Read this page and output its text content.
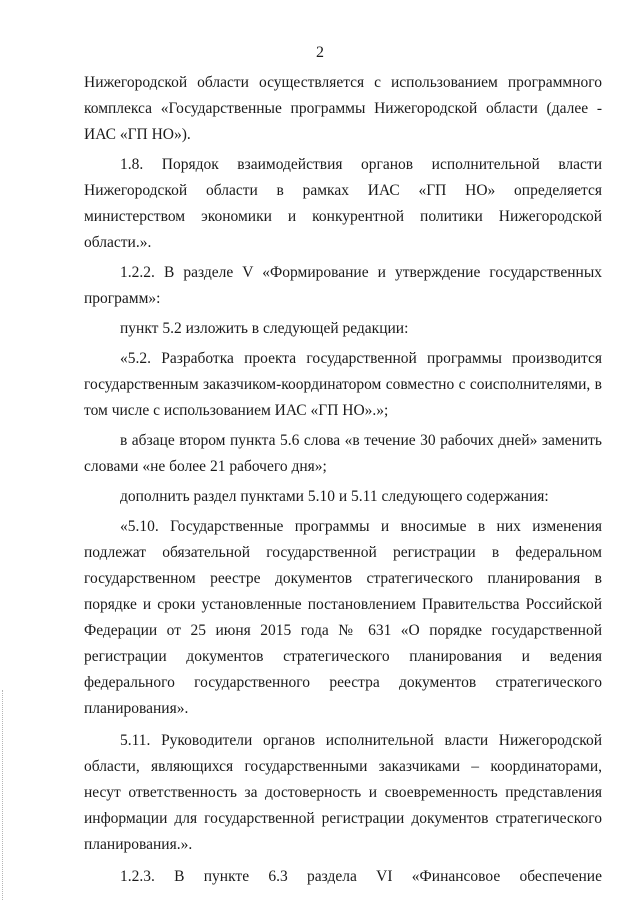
2

Нижегородской области осуществляется с использованием программного комплекса «Государственные программы Нижегородской области (далее - ИАС «ГП НО»).

1.8. Порядок взаимодействия органов исполнительной власти Нижегородской области в рамках ИАС «ГП НО» определяется министерством экономики и конкурентной политики Нижегородской области.».

1.2.2. В разделе V «Формирование и утверждение государственных программ»:

пункт 5.2 изложить в следующей редакции:

«5.2. Разработка проекта государственной программы производится государственным заказчиком-координатором совместно с соисполнителями, в том числе с использованием ИАС «ГП НО».»;

в абзаце втором пункта 5.6 слова «в течение 30 рабочих дней» заменить словами «не более 21 рабочего дня»;

дополнить раздел пунктами 5.10 и 5.11 следующего содержания:

«5.10. Государственные программы и вносимые в них изменения подлежат обязательной государственной регистрации в федеральном государственном реестре документов стратегического планирования в порядке и сроки установленные постановлением Правительства Российской Федерации от 25 июня 2015 года № 631 «О порядке государственной регистрации документов стратегического планирования и ведения федерального государственного реестра документов стратегического планирования».

5.11. Руководители органов исполнительной власти Нижегородской области, являющихся государственными заказчиками – координаторами, несут ответственность за достоверность и своевременность представления информации для государственной регистрации документов стратегического планирования.».

1.2.3. В пункте 6.3 раздела VI «Финансовое обеспечение
